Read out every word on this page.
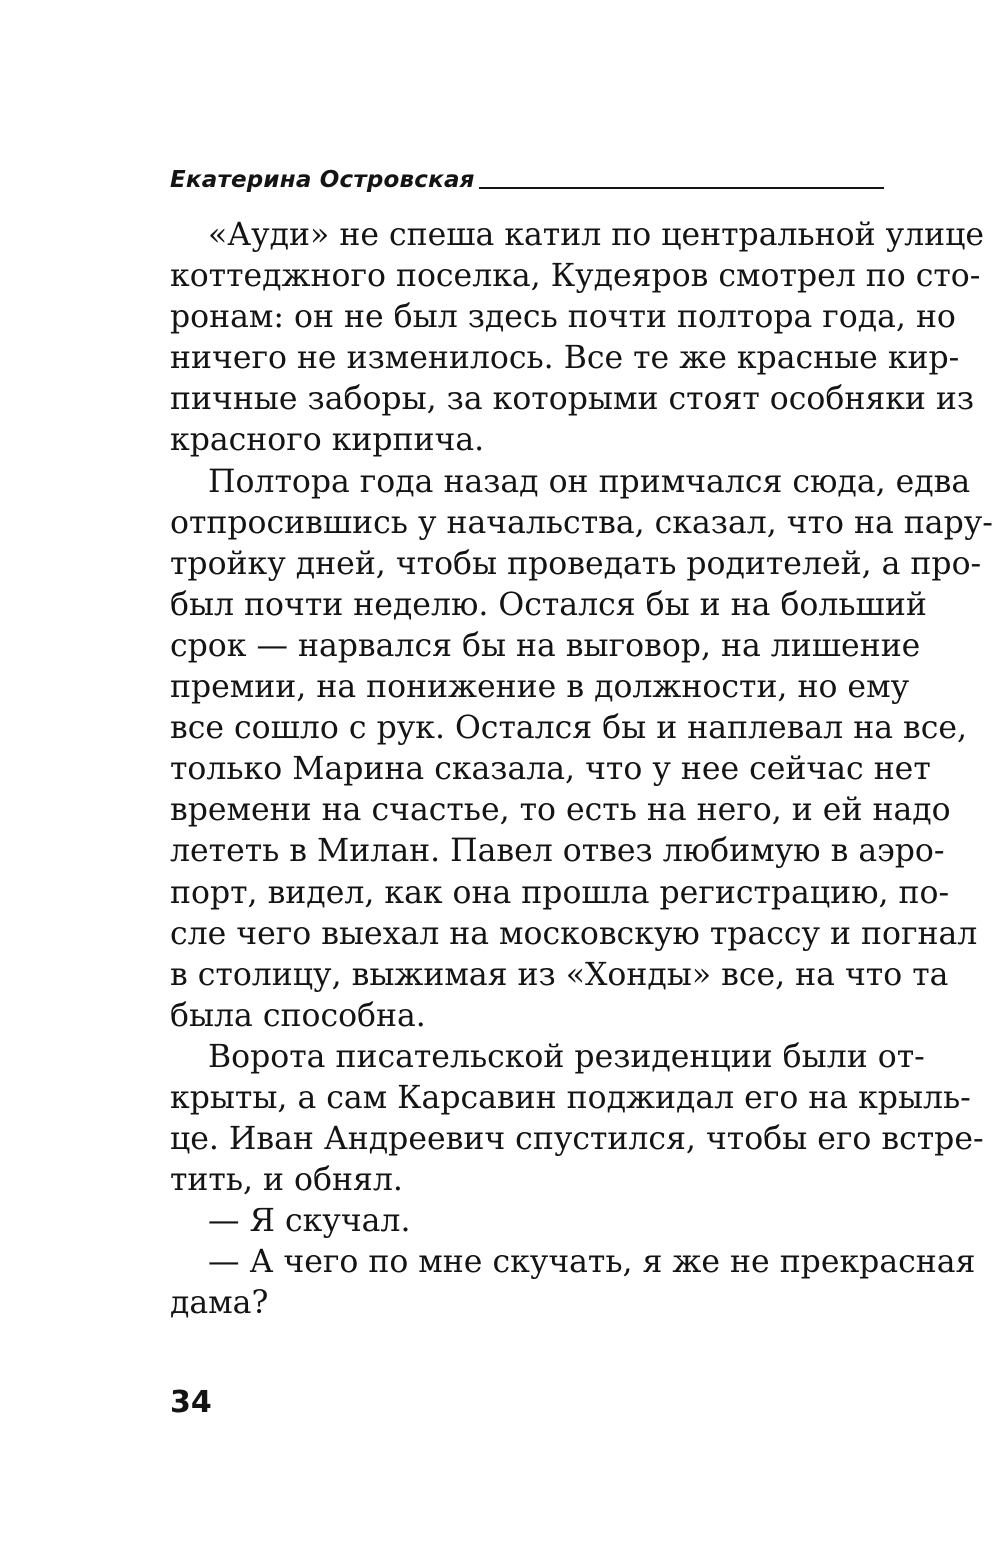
Екатерина Островская
«Ауди» не спеша катил по центральной улице
коттеджного поселка, Кудеяров смотрел по сто-
ронам: он не был здесь почти полтора года, но
ничего не изменилось. Все те же красные кир-
пичные заборы, за которыми стоят особняки из
красного кирпича.
Полтора года назад он примчался сюда, едва
отпросившись у начальства, сказал, что на пару-
тройку дней, чтобы проведать родителей, а про-
был почти неделю. Остался бы и на больший
срок — нарвался бы на выговор, на лишение
премии, на понижение в должности, но ему
все сошло с рук. Остался бы и наплевал на все,
только Марина сказала, что у нее сейчас нет
времени на счастье, то есть на него, и ей надо
лететь в Милан. Павел отвез любимую в аэро-
порт, видел, как она прошла регистрацию, по-
сле чего выехал на московскую трассу и погнал
в столицу, выжимая из «Хонды» все, на что та
была способна.
Ворота писательской резиденции были от-
крыты, а сам Карсавин поджидал его на крыль-
це. Иван Андреевич спустился, чтобы его встре-
тить, и обнял.
— Я скучал.
— А чего по мне скучать, я же не прекрасная
дама?
34
